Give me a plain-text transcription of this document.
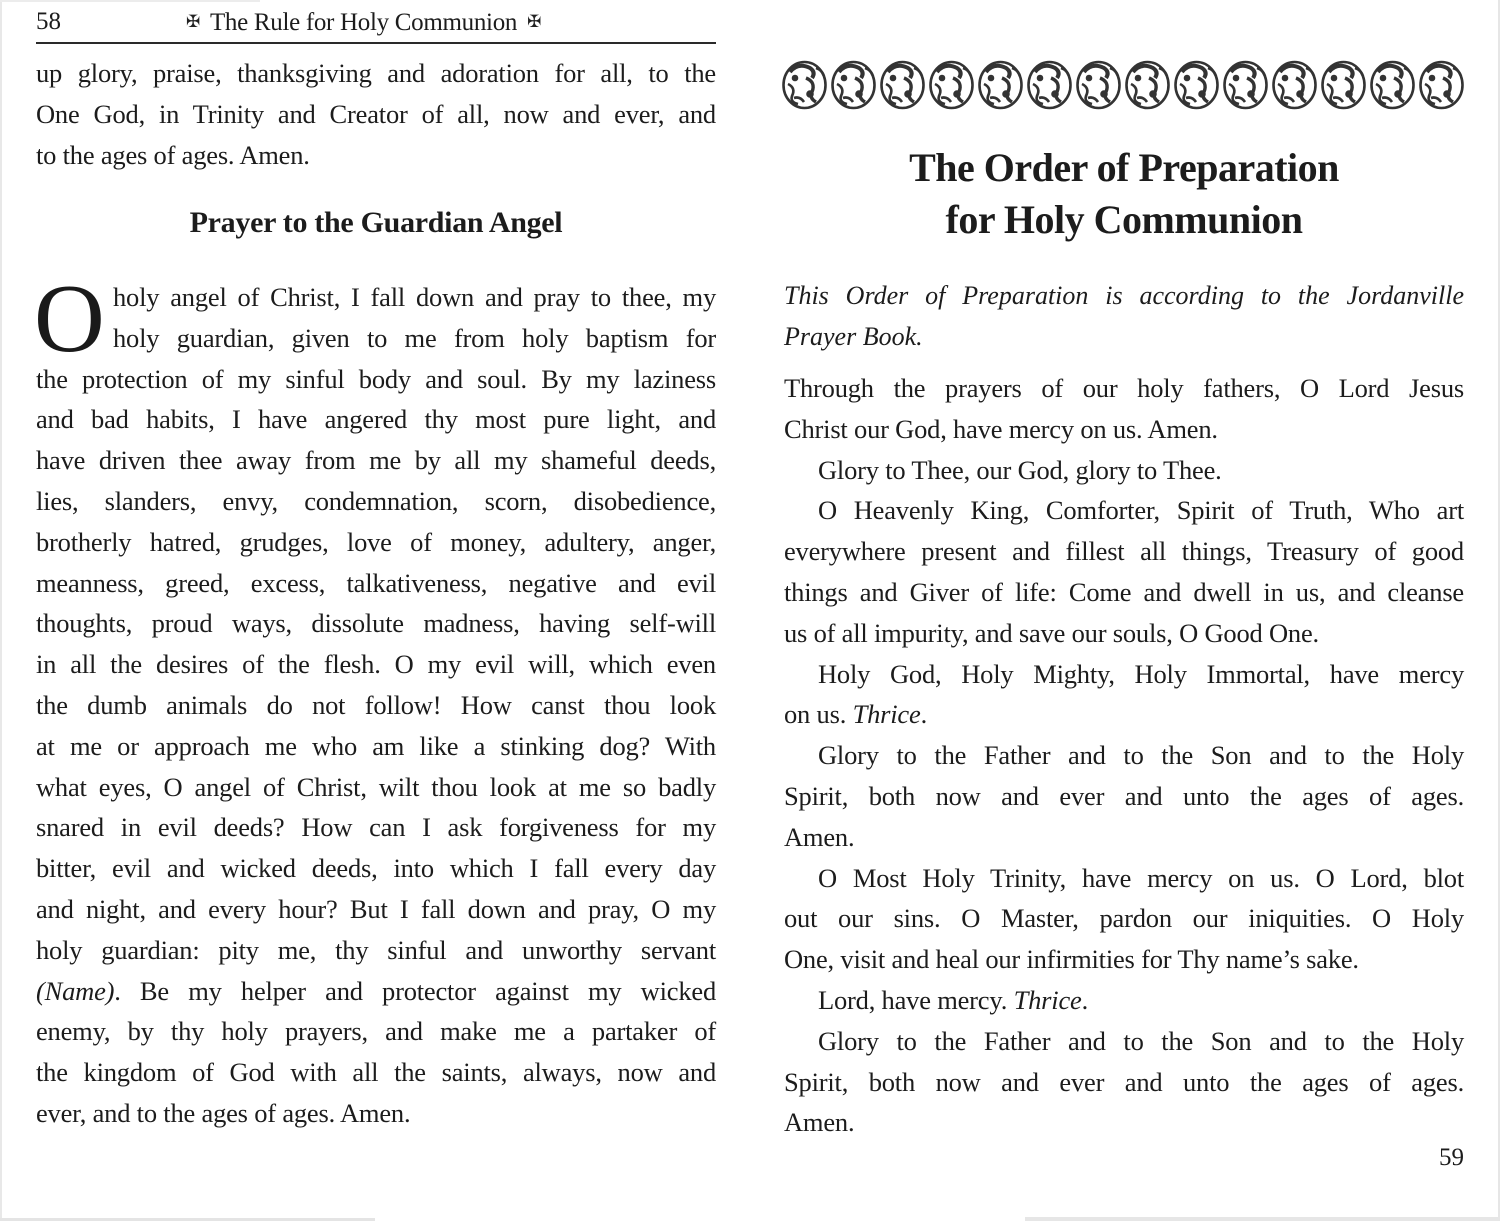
58	✠ The Rule for Holy Communion ✠
up glory, praise, thanksgiving and adoration for all, to the
One God, in Trinity and Creator of all, now and ever, and
to the ages of ages. Amen.
Prayer to the Guardian Angel
O holy angel of Christ, I fall down and pray to thee, my
holy guardian, given to me from holy baptism for
the protection of my sinful body and soul. By my laziness
and bad habits, I have angered thy most pure light, and
have driven thee away from me by all my shameful deeds,
lies, slanders, envy, condemnation, scorn, disobedience,
brotherly hatred, grudges, love of money, adultery, anger,
meanness, greed, excess, talkativeness, negative and evil
thoughts, proud ways, dissolute madness, having self-will
in all the desires of the flesh. O my evil will, which even
the dumb animals do not follow! How canst thou look
at me or approach me who am like a stinking dog? With
what eyes, O angel of Christ, wilt thou look at me so badly
snared in evil deeds? How can I ask forgiveness for my
bitter, evil and wicked deeds, into which I fall every day
and night, and every hour? But I fall down and pray, O my
holy guardian: pity me, thy sinful and unworthy servant
(Name). Be my helper and protector against my wicked
enemy, by thy holy prayers, and make me a partaker of
the kingdom of God with all the saints, always, now and
ever, and to the ages of ages. Amen.
The Order of Preparation
for Holy Communion
This Order of Preparation is according to the Jordanville
Prayer Book.
Through the prayers of our holy fathers, O Lord Jesus
Christ our God, have mercy on us. Amen.
Glory to Thee, our God, glory to Thee.
O Heavenly King, Comforter, Spirit of Truth, Who art
everywhere present and fillest all things, Treasury of good
things and Giver of life: Come and dwell in us, and cleanse
us of all impurity, and save our souls, O Good One.
Holy God, Holy Mighty, Holy Immortal, have mercy
on us. Thrice.
Glory to the Father and to the Son and to the Holy
Spirit, both now and ever and unto the ages of ages.
Amen.
O Most Holy Trinity, have mercy on us. O Lord, blot
out our sins. O Master, pardon our iniquities. O Holy
One, visit and heal our infirmities for Thy name’s sake.
Lord, have mercy. Thrice.
Glory to the Father and to the Son and to the Holy
Spirit, both now and ever and unto the ages of ages.
Amen.
59
